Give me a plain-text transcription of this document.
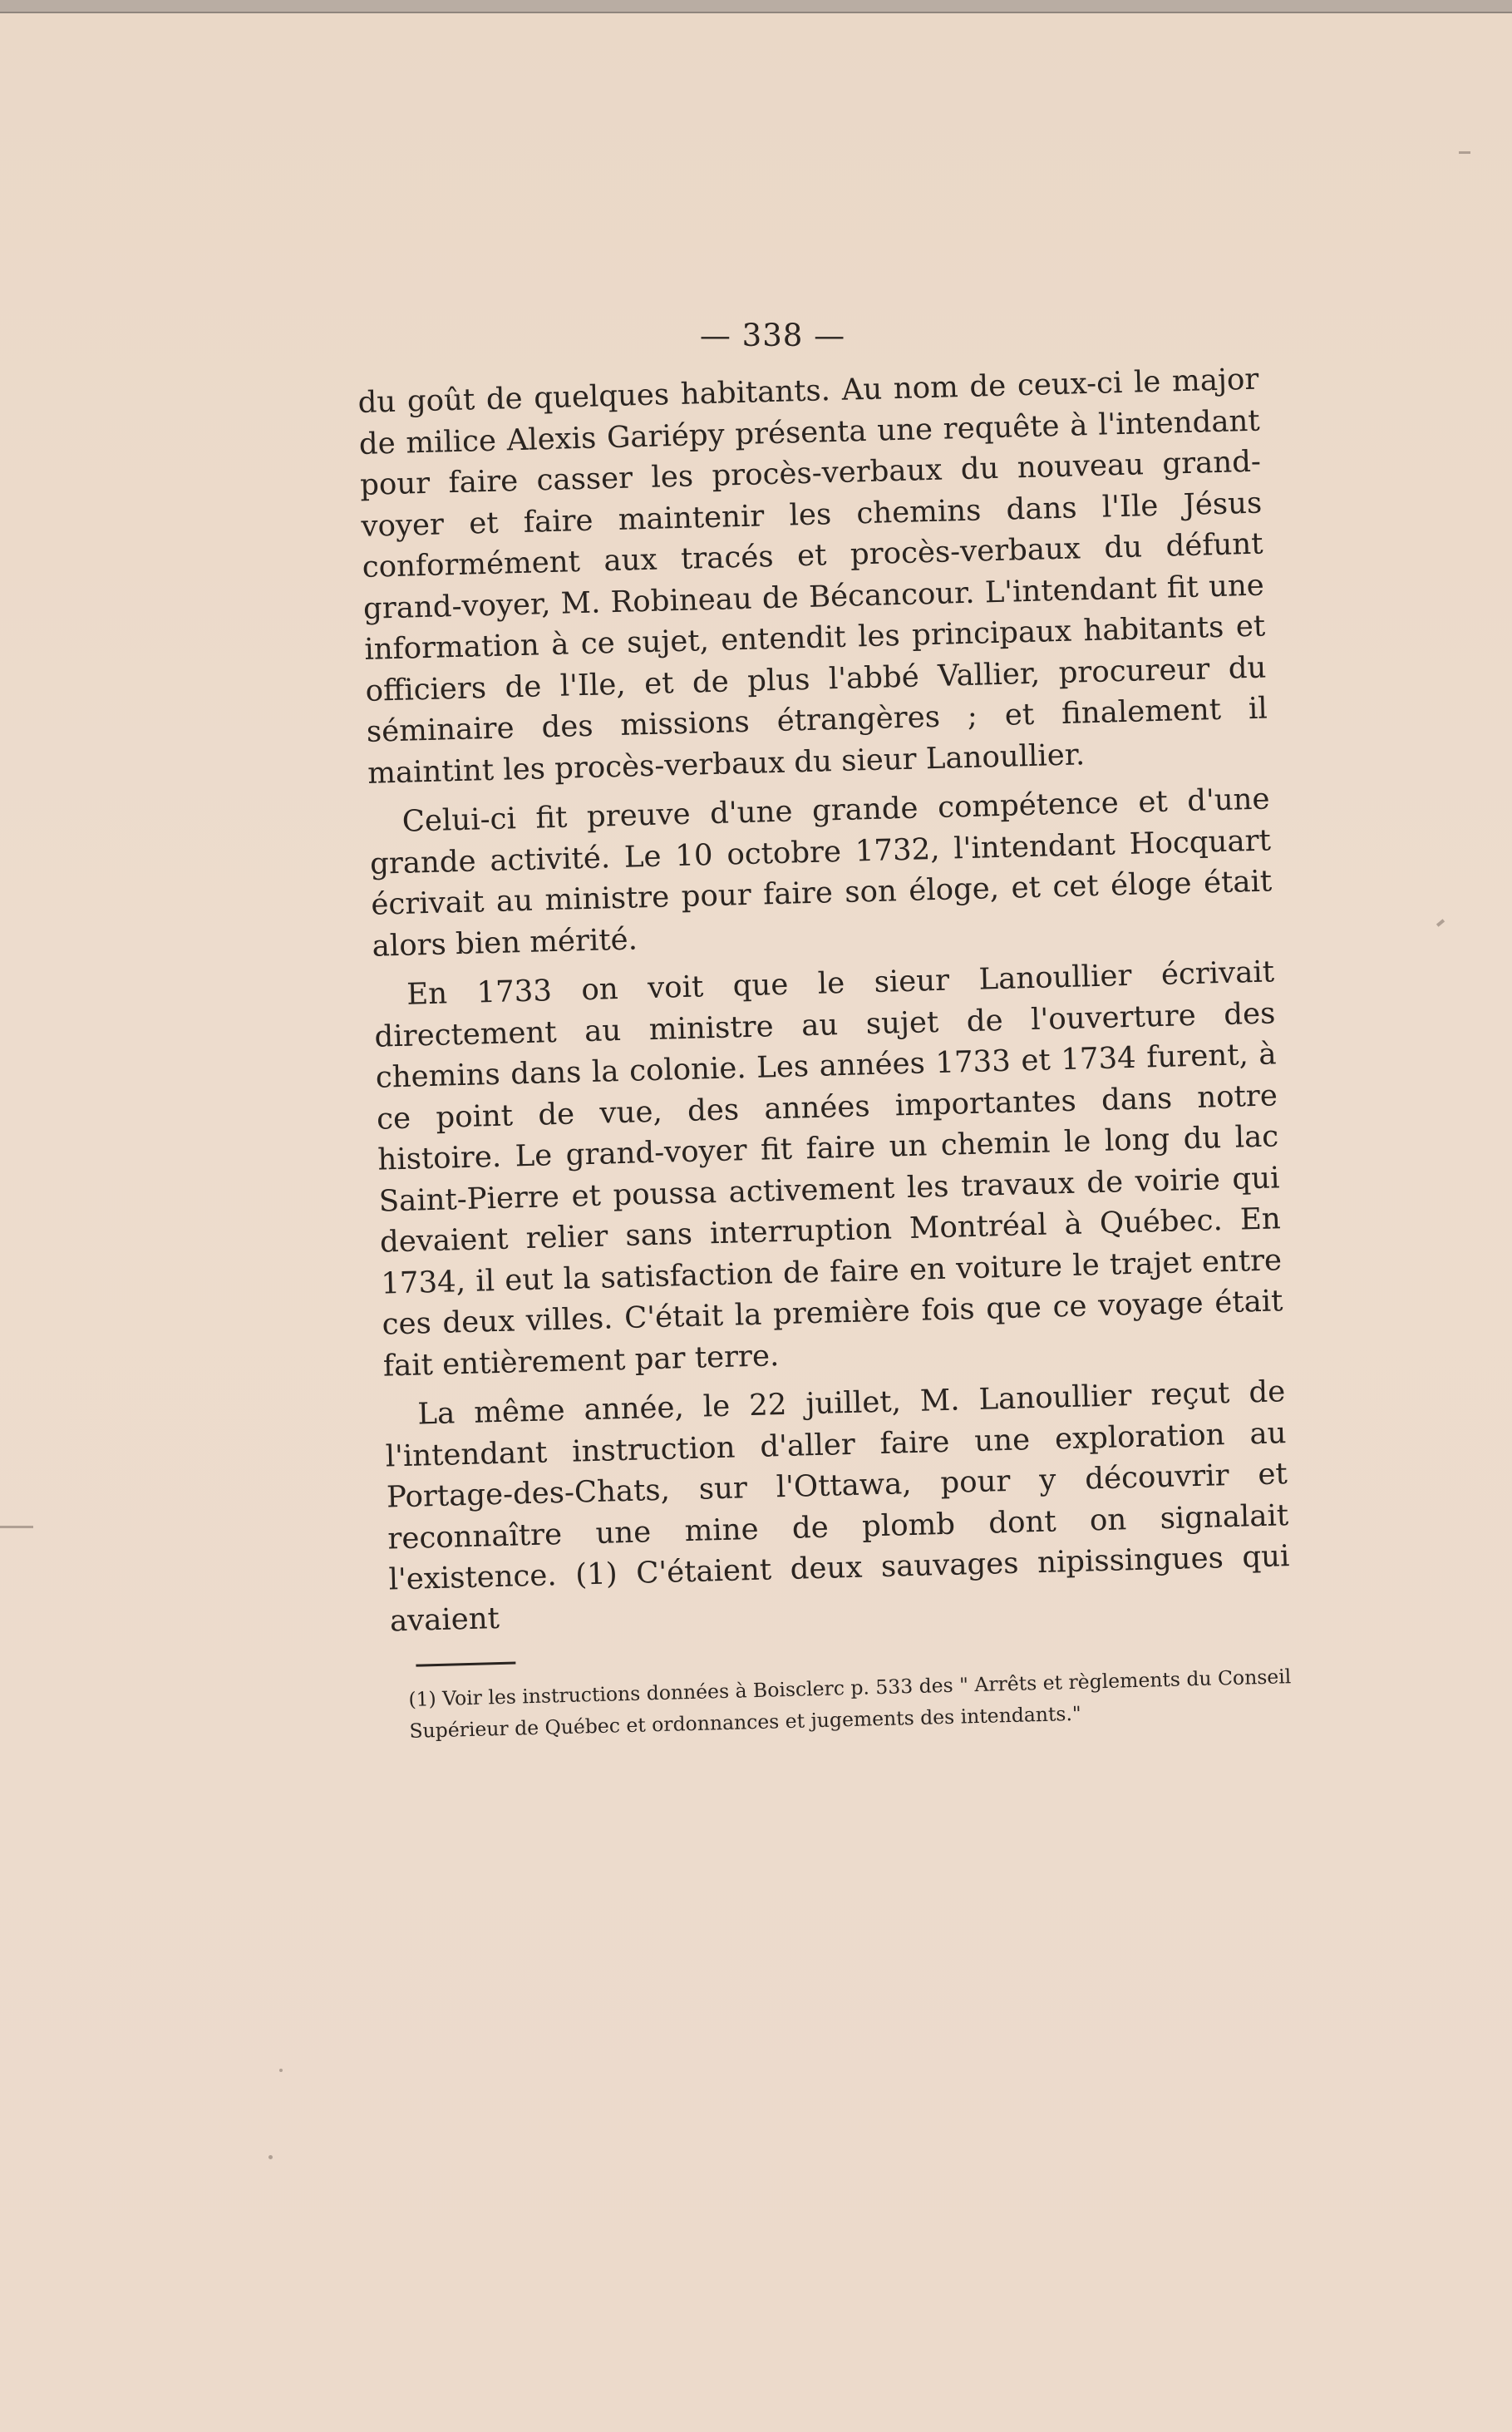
— 338 —

du goût de quelques habitants. Au nom de ceux-ci le major de milice Alexis Gariépy présenta une requête à l'intendant pour faire casser les procès-verbaux du nouveau grand-voyer et faire maintenir les chemins dans l'Ile Jésus conformément aux tracés et procès-verbaux du défunt grand-voyer, M. Robineau de Bécancour. L'intendant fit une information à ce sujet, entendit les principaux habitants et officiers de l'Ile, et de plus l'abbé Vallier, procureur du séminaire des missions étrangères ; et finalement il maintint les procès-verbaux du sieur Lanoullier.

Celui-ci fit preuve d'une grande compétence et d'une grande activité. Le 10 octobre 1732, l'intendant Hocquart écrivait au ministre pour faire son éloge, et cet éloge était alors bien mérité.

En 1733 on voit que le sieur Lanoullier écrivait directement au ministre au sujet de l'ouverture des chemins dans la colonie. Les années 1733 et 1734 furent, à ce point de vue, des années importantes dans notre histoire. Le grand-voyer fit faire un chemin le long du lac Saint-Pierre et poussa activement les travaux de voirie qui devaient relier sans interruption Montréal à Québec. En 1734, il eut la satisfaction de faire en voiture le trajet entre ces deux villes. C'était la première fois que ce voyage était fait entièrement par terre.

La même année, le 22 juillet, M. Lanoullier reçut de l'intendant instruction d'aller faire une exploration au Portage-des-Chats, sur l'Ottawa, pour y découvrir et reconnaître une mine de plomb dont on signalait l'existence. (1) C'étaient deux sauvages nipissingues qui avaient

(1) Voir les instructions données à Boisclerc p. 533 des " Arrêts et règlements du Conseil Supérieur de Québec et ordonnances et jugements des intendants."
